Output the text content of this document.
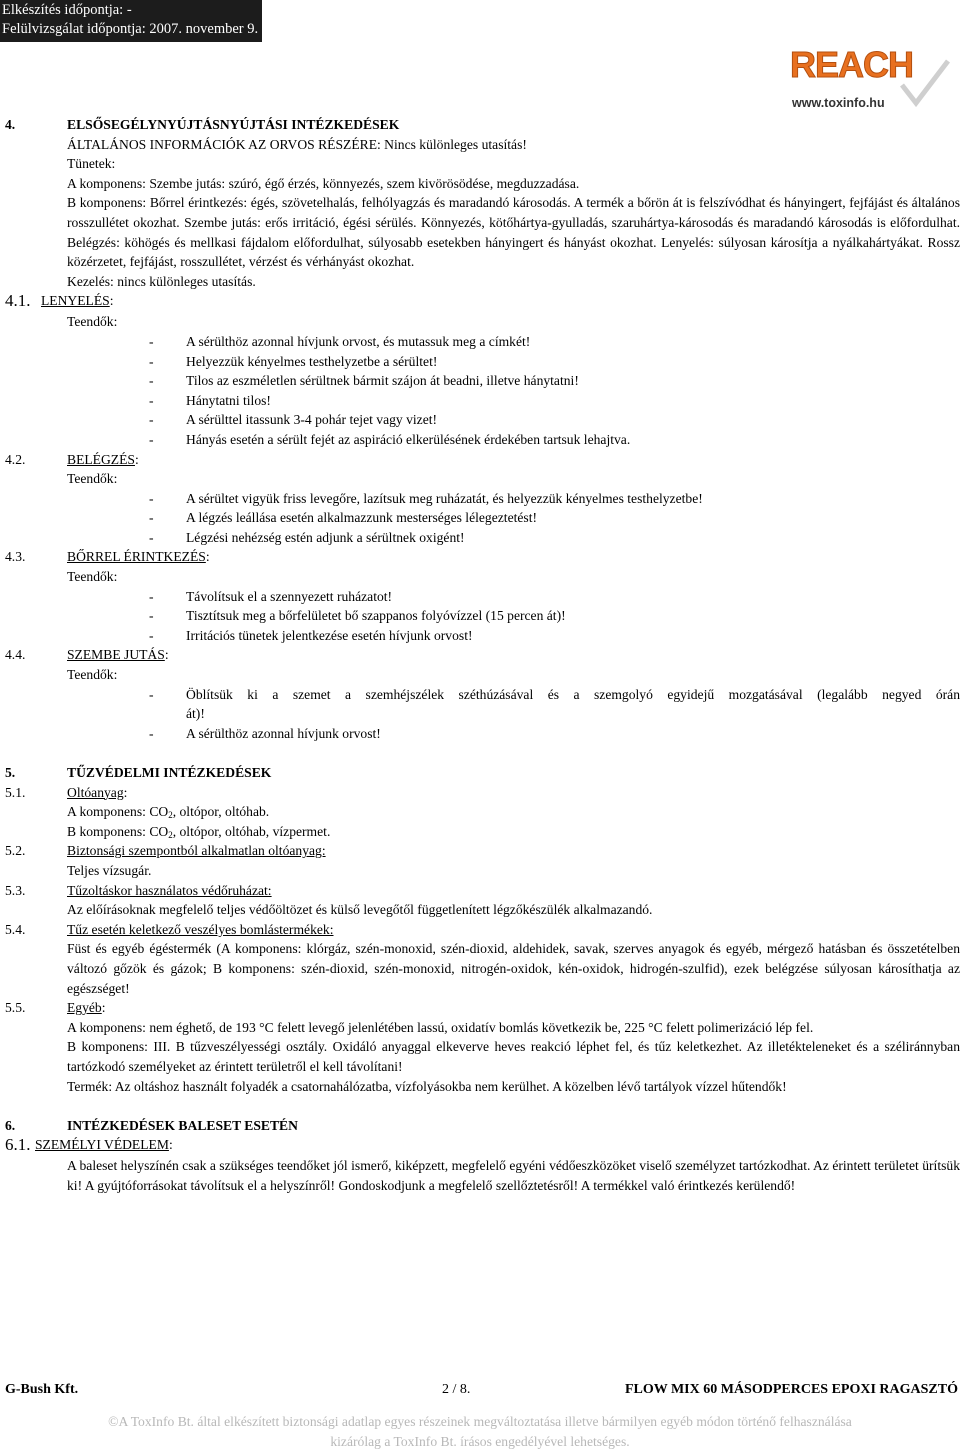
Elkészítés időpontja: -
Felülvizsgálat időpontja: 2007. november 9.
REACH
www.toxinfo.hu
4.	ELSŐSEGÉLYNYÚJTÁSNYÚJTÁSI INTÉZKEDÉSEK
ÁLTALÁNOS INFORMÁCIÓK AZ ORVOS RÉSZÉRE: Nincs különleges utasítás!
Tünetek:
A komponens: Szembe jutás: szúró, égő érzés, könnyezés, szem kivörösödése, megduzzadása.
B komponens: Bőrrel érintkezés: égés, szövetelhalás, felhólyagzás és maradandó károsodás. A termék a bőrön át is felszívódhat és hányingert, fejfájást és általános rosszullétet okozhat. Szembe jutás: erős irritáció, égési sérülés. Könnyezés, kötőhártya-gyulladás, szaruhártya-károsodás és maradandó károsodás is előfordulhat. Belégzés: köhögés és mellkasi fájdalom előfordulhat, súlyosabb esetekben hányingert és hányást okozhat. Lenyelés: súlyosan károsítja a nyálkahártyákat. Rossz közérzetet, fejfájást, rosszullétet, vérzést és vérhányást okozhat.
Kezelés: nincs különleges utasítás.
4.1. LENYELÉS:
Teendők:
- A sérülthöz azonnal hívjunk orvost, és mutassuk meg a címkét!
- Helyezzük kényelmes testhelyzetbe a sérültet!
- Tilos az eszméletlen sérültnek bármit szájon át beadni, illetve hánytatni!
- Hánytatni tilos!
- A sérülttel itassunk 3-4 pohár tejet vagy vizet!
- Hányás esetén a sérült fejét az aspiráció elkerülésének érdekében tartsuk lehajtva.
4.2.	BELÉGZÉS:
Teendők:
- A sérültet vigyük friss levegőre, lazítsuk meg ruházatát, és helyezzük kényelmes testhelyzetbe!
- A légzés leállása esetén alkalmazzunk mesterséges lélegeztetést!
- Légzési nehézség estén adjunk a sérültnek oxigént!
4.3.	BŐRREL ÉRINTKEZÉS:
Teendők:
- Távolítsuk el a szennyezett ruházatot!
- Tisztítsuk meg a bőrfelületet bő szappanos folyóvízzel (15 percen át)!
- Irritációs tünetek jelentkezése esetén hívjunk orvost!
4.4.	SZEMBE JUTÁS:
Teendők:
- Öblítsük ki a szemet a szemhéjszélek széthúzásával és a szemgolyó egyidejű mozgatásával (legalább negyed órán
át)!
- A sérülthöz azonnal hívjunk orvost!
5.	TŰZVÉDELMI INTÉZKEDÉSEK
5.1.	Oltóanyag:
A komponens: $CO_2$, oltópor, oltóhab.
B komponens: $CO_2$, oltópor, oltóhab, vízpermet.
5.2.	Biztonsági szempontból alkalmatlan oltóanyag:
Teljes vízsugár.
5.3.	Tűzoltáskor használatos védőruházat:
Az előírásoknak megfelelő teljes védőöltözet és külső levegőtől függetlenített légzőkészülék alkalmazandó.
5.4.	Tűz esetén keletkező veszélyes bomlástermékek:
Füst és egyéb égéstermék (A komponens: klórgáz, szén-monoxid, szén-dioxid, aldehidek, savak, szerves anyagok és egyéb, mérgező hatásban és összetételben változó gőzök és gázok; B komponens: szén-dioxid, szén-monoxid, nitrogén-oxidok, kén-oxidok, hidrogén-szulfid), ezek belégzése súlyosan károsíthatja az egészséget!
5.5.	Egyéb:
A komponens: nem éghető, de 193 °C felett levegő jelenlétében lassú, oxidatív bomlás következik be, 225 °C felett polimerizáció lép fel.
B komponens: III. B tűzveszélyességi osztály. Oxidáló anyaggal elkeverve heves reakció léphet fel, és tűz keletkezhet. Az illetékteleneket és a széliránnyban tartózkodó személyeket az érintett területről el kell távolítani!
Termék: Az oltáshoz használt folyadék a csatornahálózatba, vízfolyásokba nem kerülhet. A közelben lévő tartályok vízzel hűtendők!
6.	INTÉZKEDÉSEK BALESET ESETÉN
6.1. SZEMÉLYI VÉDELEM:
A baleset helyszínén csak a szükséges teendőket jól ismerő, kiképzett, megfelelő egyéni védőeszközöket viselő személyzet tartózkodhat. Az érintett területet ürítsük ki! A gyújtóforrásokat távolítsuk el a helyszínről! Gondoskodjunk a megfelelő szellőztetésről! A termékkel való érintkezés kerülendő!
G-Bush Kft.	2 / 8.	FLOW MIX 60 MÁSODPERCES EPOXI RAGASZTÓ
©A ToxInfo Bt. által elkészített biztonsági adatlap egyes részeinek megváltoztatása illetve bármilyen egyéb módon történő felhasználása
kizárólag a ToxInfo Bt. írásos engedélyével lehetséges.
